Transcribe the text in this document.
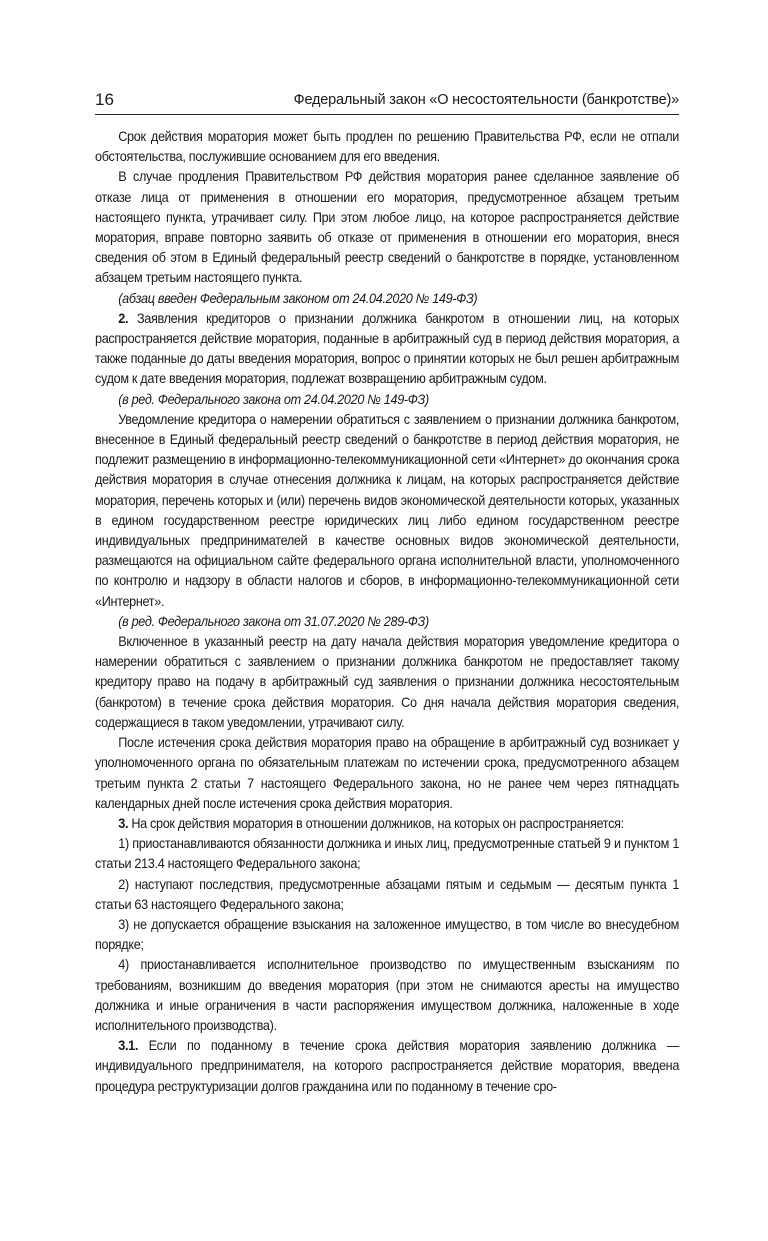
16	Федеральный закон «О несостоятельности (банкротстве)»

Срок действия моратория может быть продлен по решению Правительства РФ, если не отпали обстоятельства, послужившие основанием для его введения.

В случае продления Правительством РФ действия моратория ранее сделанное заявление об отказе лица от применения в отношении его моратория, предусмотренное абзацем третьим настоящего пункта, утрачивает силу. При этом любое лицо, на которое распространяется действие моратория, вправе повторно заявить об отказе от применения в отношении его моратория, внеся сведения об этом в Единый федеральный реестр сведений о банкротстве в порядке, установленном абзацем третьим настоящего пункта.

(абзац введен Федеральным законом от 24.04.2020 № 149-ФЗ)

2. Заявления кредиторов о признании должника банкротом в отношении лиц, на которых распространяется действие моратория, поданные в арбитражный суд в период действия моратория, а также поданные до даты введения моратория, вопрос о принятии которых не был решен арбитражным судом к дате введения моратория, подлежат возвращению арбитражным судом.

(в ред. Федерального закона от 24.04.2020 № 149-ФЗ)

Уведомление кредитора о намерении обратиться с заявлением о признании должника банкротом, внесенное в Единый федеральный реестр сведений о банкротстве в период действия моратория, не подлежит размещению в информационно-телекоммуникационной сети «Интернет» до окончания срока действия моратория в случае отнесения должника к лицам, на которых распространяется действие моратория, перечень которых и (или) перечень видов экономической деятельности которых, указанных в едином государственном реестре юридических лиц либо едином государственном реестре индивидуальных предпринимателей в качестве основных видов экономической деятельности, размещаются на официальном сайте федерального органа исполнительной власти, уполномоченного по контролю и надзору в области налогов и сборов, в информационно-телекоммуникационной сети «Интернет».

(в ред. Федерального закона от 31.07.2020 № 289-ФЗ)

Включенное в указанный реестр на дату начала действия моратория уведомление кредитора о намерении обратиться с заявлением о признании должника банкротом не предоставляет такому кредитору право на подачу в арбитражный суд заявления о признании должника несостоятельным (банкротом) в течение срока действия моратория. Со дня начала действия моратория сведения, содержащиеся в таком уведомлении, утрачивают силу.

После истечения срока действия моратория право на обращение в арбитражный суд возникает у уполномоченного органа по обязательным платежам по истечении срока, предусмотренного абзацем третьим пункта 2 статьи 7 настоящего Федерального закона, но не ранее чем через пятнадцать календарных дней после истечения срока действия моратория.

3. На срок действия моратория в отношении должников, на которых он распространяется:

1) приостанавливаются обязанности должника и иных лиц, предусмотренные статьей 9 и пунктом 1 статьи 213.4 настоящего Федерального закона;

2) наступают последствия, предусмотренные абзацами пятым и седьмым — десятым пункта 1 статьи 63 настоящего Федерального закона;

3) не допускается обращение взыскания на заложенное имущество, в том числе во внесудебном порядке;

4) приостанавливается исполнительное производство по имущественным взысканиям по требованиям, возникшим до введения моратория (при этом не снимаются аресты на имущество должника и иные ограничения в части распоряжения имуществом должника, наложенные в ходе исполнительного производства).

3.1. Если по поданному в течение срока действия моратория заявлению должника — индивидуального предпринимателя, на которого распространяется действие моратория, введена процедура реструктуризации долгов гражданина или по поданному в течение сро-
